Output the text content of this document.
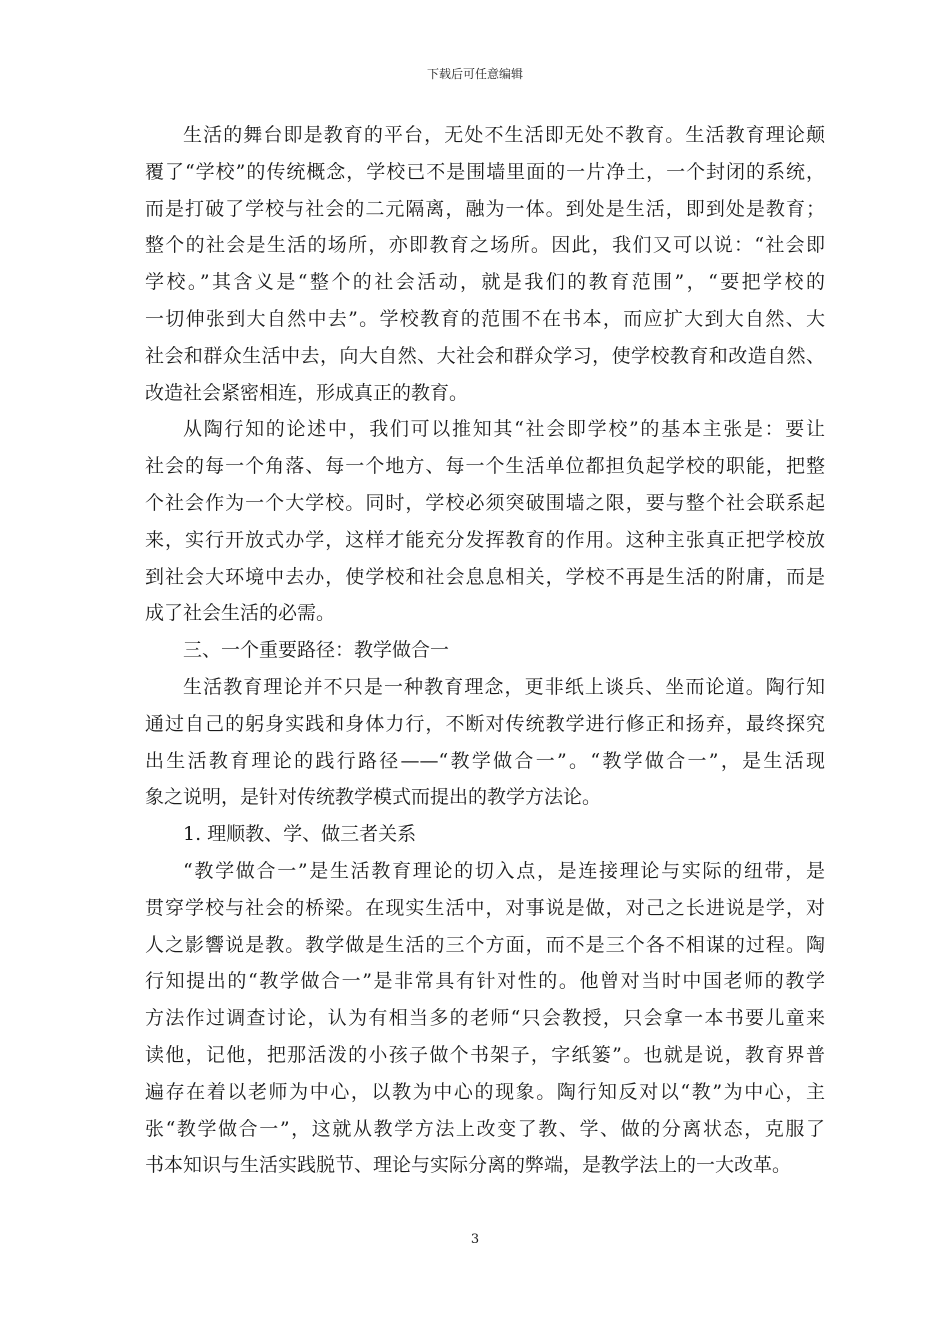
下载后可任意编辑
生活的舞台即是教育的平台，无处不生活即无处不教育。生活教育理论颠
覆了“学校”的传统概念，学校已不是围墙里面的一片净土，一个封闭的系统，
而是打破了学校与社会的二元隔离，融为一体。到处是生活，即到处是教育；
整个的社会是生活的场所，亦即教育之场所。因此，我们又可以说：“社会即
学校。”其含义是“整个的社会活动，就是我们的教育范围”，“要把学校的
一切伸张到大自然中去”。学校教育的范围不在书本，而应扩大到大自然、大
社会和群众生活中去，向大自然、大社会和群众学习，使学校教育和改造自然、
改造社会紧密相连，形成真正的教育。
从陶行知的论述中，我们可以推知其“社会即学校”的基本主张是：要让
社会的每一个角落、每一个地方、每一个生活单位都担负起学校的职能，把整
个社会作为一个大学校。同时，学校必须突破围墙之限，要与整个社会联系起
来，实行开放式办学，这样才能充分发挥教育的作用。这种主张真正把学校放
到社会大环境中去办，使学校和社会息息相关，学校不再是生活的附庸，而是
成了社会生活的必需。
三、一个重要路径：教学做合一
生活教育理论并不只是一种教育理念，更非纸上谈兵、坐而论道。陶行知
通过自己的躬身实践和身体力行，不断对传统教学进行修正和扬弃，最终探究
出生活教育理论的践行路径——“教学做合一”。“教学做合一”，是生活现
象之说明，是针对传统教学模式而提出的教学方法论。
1. 理顺教、学、做三者关系
“教学做合一”是生活教育理论的切入点，是连接理论与实际的纽带，是
贯穿学校与社会的桥梁。在现实生活中，对事说是做，对己之长进说是学，对
人之影響说是教。教学做是生活的三个方面，而不是三个各不相谋的过程。陶
行知提出的“教学做合一”是非常具有针对性的。他曾对当时中国老师的教学
方法作过调查讨论，认为有相当多的老师“只会教授，只会拿一本书要儿童来
读他，记他，把那活泼的小孩子做个书架子，字纸篓”。也就是说，教育界普
遍存在着以老师为中心，以教为中心的现象。陶行知反对以“教”为中心，主
张“教学做合一”，这就从教学方法上改变了教、学、做的分离状态，克服了
书本知识与生活实践脱节、理论与实际分离的弊端，是教学法上的一大改革。
3
